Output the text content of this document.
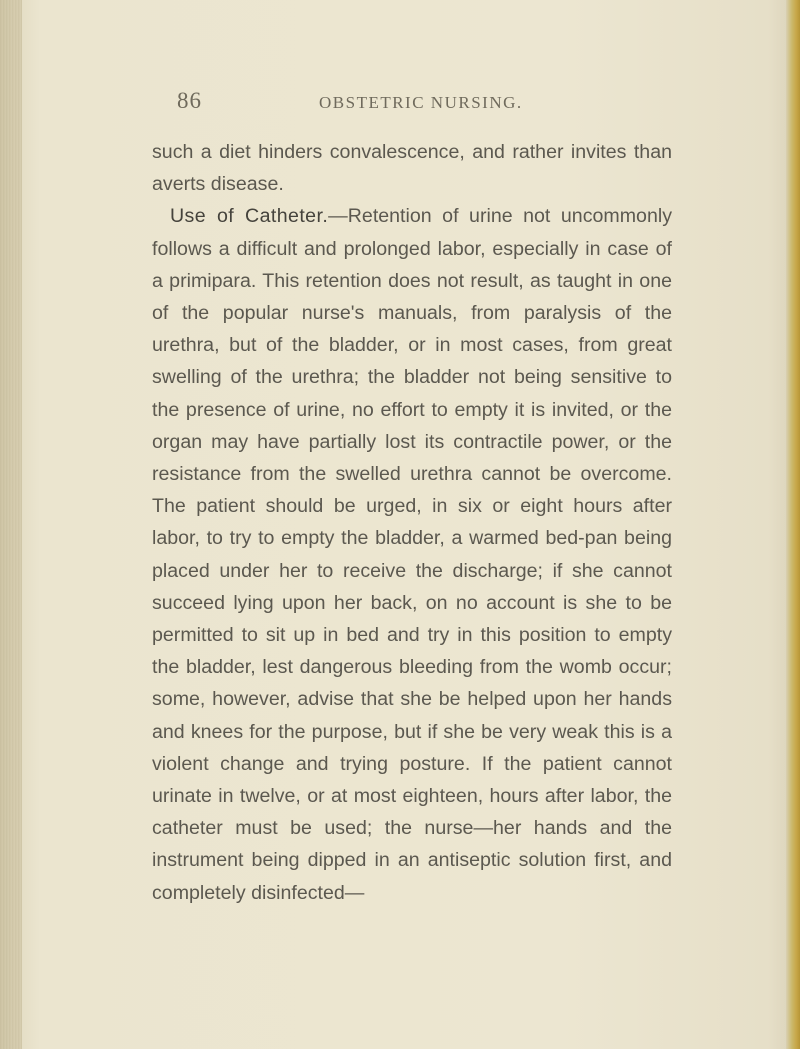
86	OBSTETRIC NURSING.

such a diet hinders convalescence, and rather invites than averts disease.

Use of Catheter.—Retention of urine not uncommonly follows a difficult and prolonged labor, especially in case of a primipara. This retention does not result, as taught in one of the popular nurse's manuals, from paralysis of the urethra, but of the bladder, or in most cases, from great swelling of the urethra; the bladder not being sensitive to the presence of urine, no effort to empty it is invited, or the organ may have partially lost its contractile power, or the resistance from the swelled urethra cannot be overcome. The patient should be urged, in six or eight hours after labor, to try to empty the bladder, a warmed bed-pan being placed under her to receive the discharge; if she cannot succeed lying upon her back, on no account is she to be permitted to sit up in bed and try in this position to empty the bladder, lest dangerous bleeding from the womb occur; some, however, advise that she be helped upon her hands and knees for the purpose, but if she be very weak this is a violent change and trying posture. If the patient cannot urinate in twelve, or at most eighteen, hours after labor, the catheter must be used; the nurse—her hands and the instrument being dipped in an antiseptic solution first, and completely disinfected—
